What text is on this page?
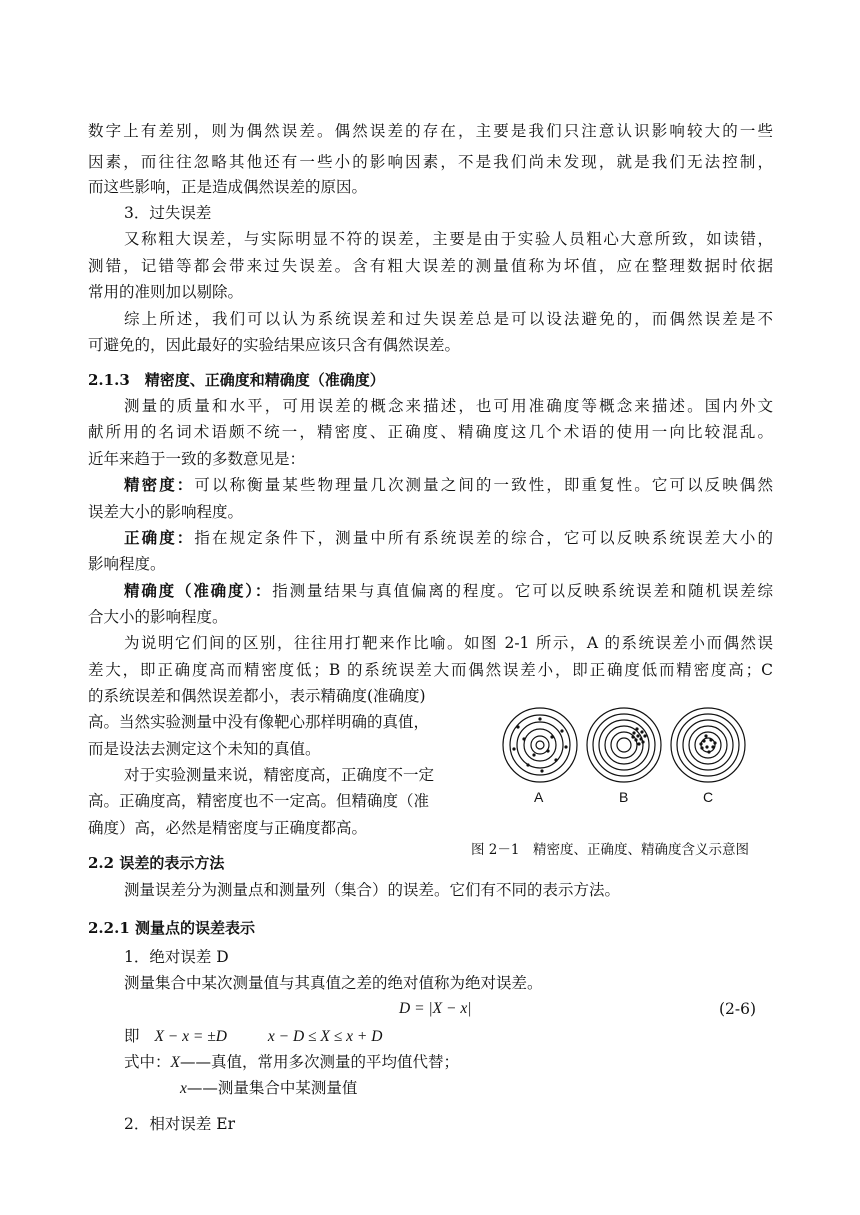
数字上有差别，则为偶然误差。偶然误差的存在，主要是我们只注意认识影响较大的一些
因素，而往往忽略其他还有一些小的影响因素，不是我们尚未发现，就是我们无法控制，
而这些影响，正是造成偶然误差的原因。
3．过失误差
又称粗大误差，与实际明显不符的误差，主要是由于实验人员粗心大意所致，如读错，
测错，记错等都会带来过失误差。含有粗大误差的测量值称为坏值，应在整理数据时依据
常用的准则加以剔除。
综上所述，我们可以认为系统误差和过失误差总是可以设法避免的，而偶然误差是不
可避免的，因此最好的实验结果应该只含有偶然误差。
2.1.3　精密度、正确度和精确度（准确度）
测量的质量和水平，可用误差的概念来描述，也可用准确度等概念来描述。国内外文
献所用的名词术语颇不统一，精密度、正确度、精确度这几个术语的使用一向比较混乱。
近年来趋于一致的多数意见是：
精密度：可以称衡量某些物理量几次测量之间的一致性，即重复性。它可以反映偶然
误差大小的影响程度。
正确度：指在规定条件下，测量中所有系统误差的综合，它可以反映系统误差大小的
影响程度。
精确度（准确度）：指测量结果与真值偏离的程度。它可以反映系统误差和随机误差综
合大小的影响程度。
为说明它们间的区别，往往用打靶来作比喻。如图 2-1 所示，A 的系统误差小而偶然误
差大，即正确度高而精密度低；B 的系统误差大而偶然误差小，即正确度低而精密度高；C
的系统误差和偶然误差都小，表示精确度(准确度)
高。当然实验测量中没有像靶心那样明确的真值，
而是设法去测定这个未知的真值。
对于实验测量来说，精密度高，正确度不一定
高。正确度高，精密度也不一定高。但精确度（准
确度）高，必然是精密度与正确度都高。
A	B	C
图 2－1　精密度、正确度、精确度含义示意图
2.2 误差的表示方法
测量误差分为测量点和测量列（集合）的误差。它们有不同的表示方法。
2.2.1 测量点的误差表示
1．绝对误差 D
测量集合中某次测量值与其真值之差的绝对值称为绝对误差。
D = |X − x|	(2-6)
即 X − x = ±D	x − D ≤ X ≤ x + D
式中：X——真值，常用多次测量的平均值代替；
x——测量集合中某测量值
2．相对误差 Er
